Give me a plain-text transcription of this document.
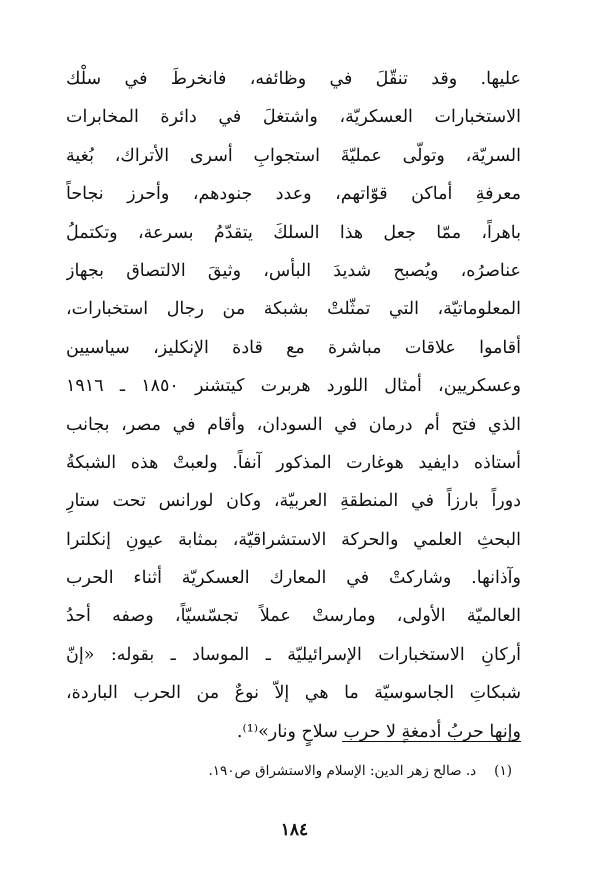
عليها. وقد تنقّلَ في وظائفه، فانخرطَ في سلْك
الاستخبارات العسكريّة، واشتغلَ في دائرة المخابرات
السريّة، وتولّى عمليّةَ استجوابِ أسرى الأتراك، بُغية
معرفةِ أماكن قوّاتهم، وعدد جنودهم، وأحرز نجاحاً
باهراً، ممّا جعل هذا السلكَ يتقدّمُ بسرعة، وتكتملُ
عناصرُه، ويُصبح شديدَ البأس، وثيقَ الالتصاق بجهاز
المعلوماتيّة، التي تمثّلتْ بشبكة من رجال استخبارات،
أقاموا علاقات مباشرة مع قادة الإنكليز، سياسيين
وعسكريين، أمثال اللورد هربرت كيتشنر ١٨٥٠ ـ ١٩١٦
الذي فتح أم درمان في السودان، وأقام في مصر، بجانب
أستاذه دايفيد هوغارت المذكور آنفاً. ولعبتْ هذه الشبكةُ
دوراً بارزاً في المنطقةِ العربيّة، وكان لورانس تحت ستارِ
البحثِ العلمي والحركة الاستشراقيّة، بمثابة عيونِ إنكلترا
وآذانها. وشاركتْ في المعارك العسكريّة أثناء الحرب
العالميّة الأولى، ومارستْ عملاً تجسّسيّاً، وصفه أحدُ
أركانِ الاستخبارات الإسرائيليّة ـ الموساد ـ بقوله: «إنّ
شبكاتِ الجاسوسيّة ما هي إلاّ نوعٌ من الحرب الباردة،
وإنها حربُ أدمغةٍ لا حرب سلاحٍ ونار»⁽¹⁾.
(١)د. صالح زهر الدين: الإسلام والاستشراق ص١٩٠.
١٨٤
